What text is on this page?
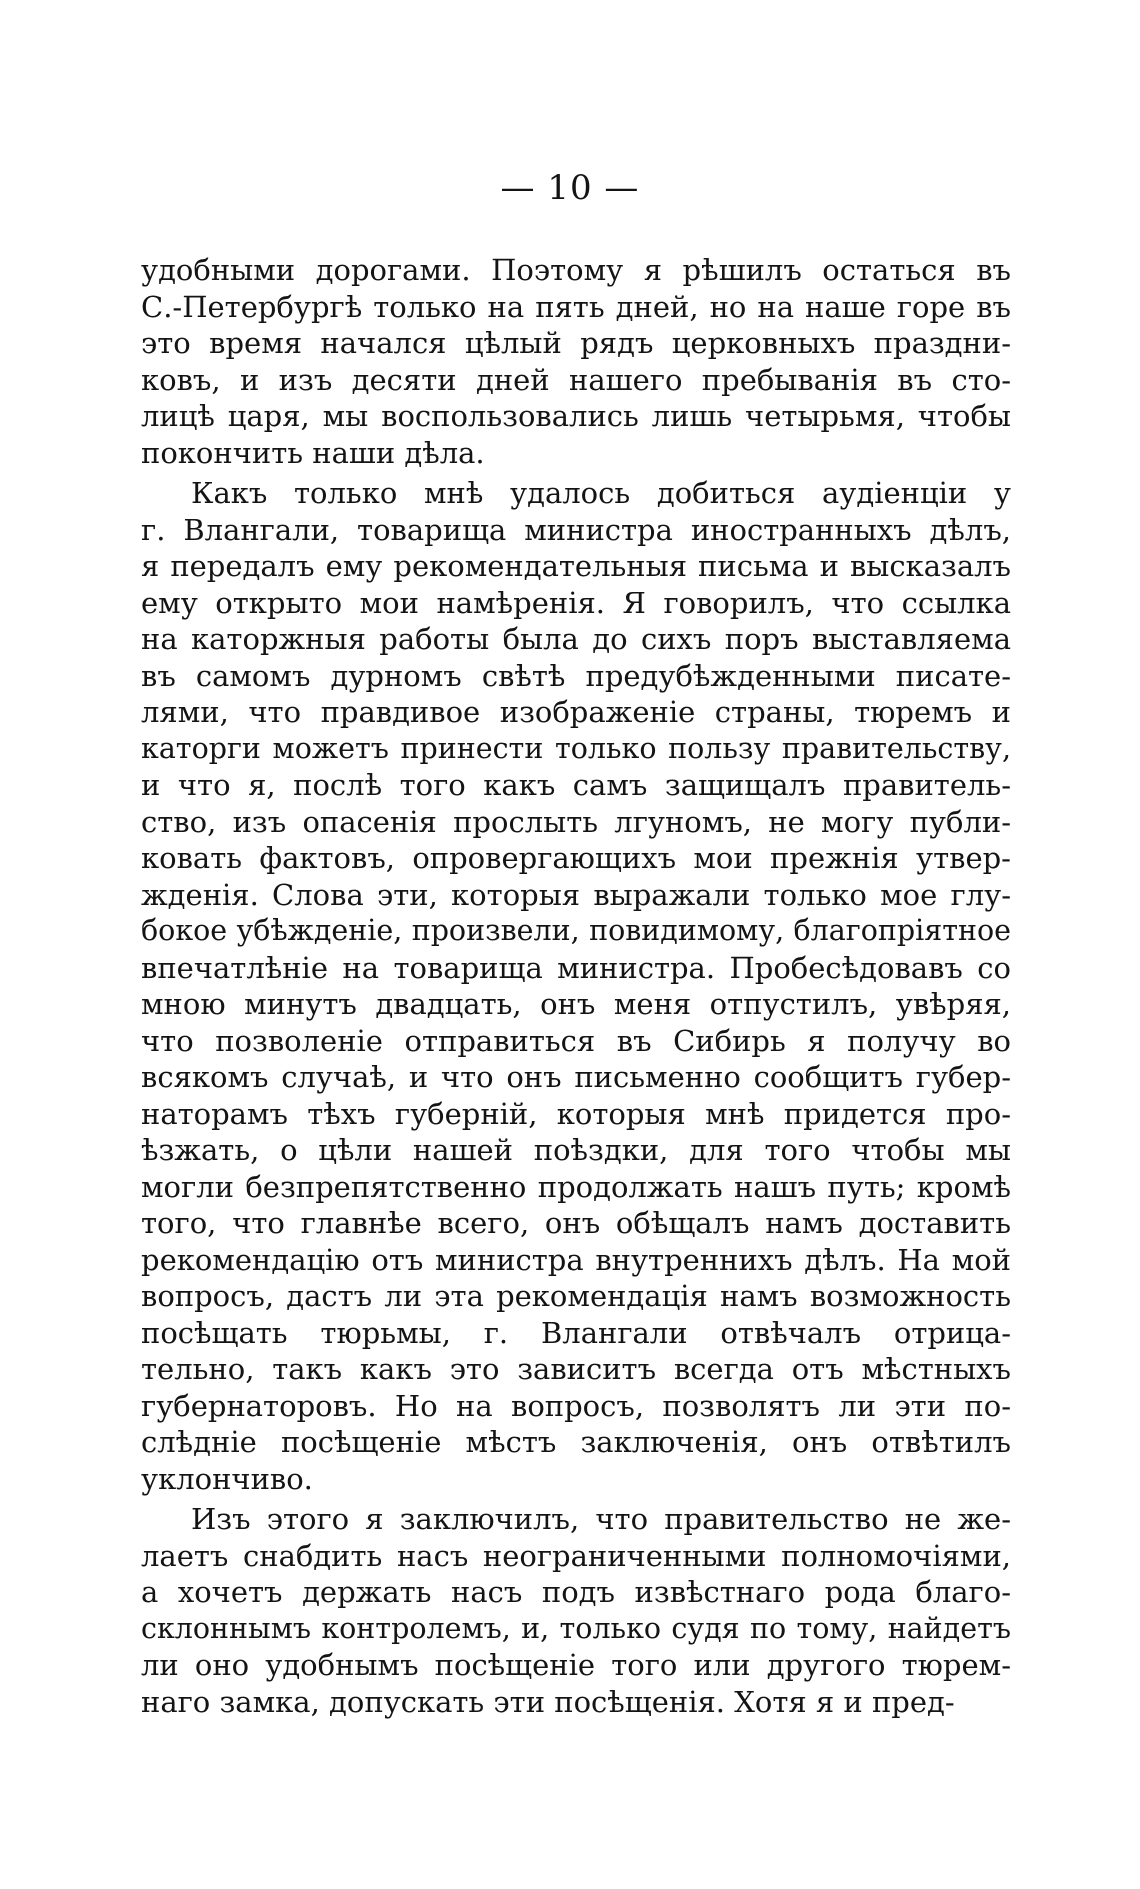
— 10 —
удобными дорогами. Поэтому я рѣшилъ остаться въ
С.-Петербургѣ только на пять дней, но на наше горе въ
это время начался цѣлый рядъ церковныхъ праздни-
ковъ, и изъ десяти дней нашего пребыванія въ сто-
лицѣ царя, мы воспользовались лишь четырьмя, чтобы
покончить наши дѣла.
Какъ только мнѣ удалось добиться аудіенціи у
г. Влангали, товарища министра иностранныхъ дѣлъ,
я передалъ ему рекомендательныя письма и высказалъ
ему открыто мои намѣренія. Я говорилъ, что ссылка
на каторжныя работы была до сихъ поръ выставляема
въ самомъ дурномъ свѣтѣ предубѣжденными писате-
лями, что правдивое изображеніе страны, тюремъ и
каторги можетъ принести только пользу правительству,
и что я, послѣ того какъ самъ защищалъ правитель-
ство, изъ опасенія прослыть лгуномъ, не могу публи-
ковать фактовъ, опровергающихъ мои прежнія утвер-
жденія. Слова эти, которыя выражали только мое глу-
бокое убѣжденіе, произвели, повидимому, благопріятное
впечатлѣніе на товарища министра. Пробесѣдовавъ со
мною минутъ двадцать, онъ меня отпустилъ, увѣряя,
что позволеніе отправиться въ Сибирь я получу во
всякомъ случаѣ, и что онъ письменно сообщитъ губер-
наторамъ тѣхъ губерній, которыя мнѣ придется про-
ѣзжать, о цѣли нашей поѣздки, для того чтобы мы
могли безпрепятственно продолжать нашъ путь; кромѣ
того, что главнѣе всего, онъ обѣщалъ намъ доставить
рекомендацію отъ министра внутреннихъ дѣлъ. На мой
вопросъ, дастъ ли эта рекомендація намъ возможность
посѣщать тюрьмы, г. Влангали отвѣчалъ отрица-
тельно, такъ какъ это зависитъ всегда отъ мѣстныхъ
губернаторовъ. Но на вопросъ, позволятъ ли эти по-
слѣдніе посѣщеніе мѣстъ заключенія, онъ отвѣтилъ
уклончиво.
Изъ этого я заключилъ, что правительство не же-
лаетъ снабдить насъ неограниченными полномочіями,
а хочетъ держать насъ подъ извѣстнаго рода благо-
склоннымъ контролемъ, и, только судя по тому, найдетъ
ли оно удобнымъ посѣщеніе того или другого тюрем-
наго замка, допускать эти посѣщенія. Хотя я и пред-
